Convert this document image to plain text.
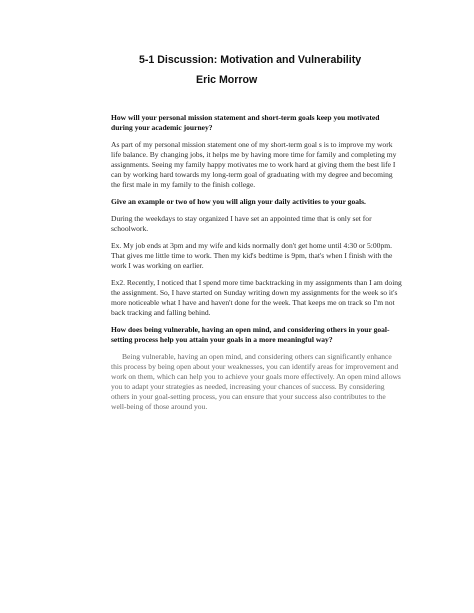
5-1 Discussion: Motivation and Vulnerability
Eric Morrow

How will your personal mission statement and short-term goals keep you motivated during your academic journey?

As part of my personal mission statement one of my short-term goal s is to improve my work life balance. By changing jobs, it helps me by having more time for family and completing my assignments. Seeing my family happy motivates me to work hard at giving them the best life I can by working hard towards my long-term goal of graduating with my degree and becoming the first male in my family to the finish college.

Give an example or two of how you will align your daily activities to your goals.

During the weekdays to stay organized I have set an appointed time that is only set for schoolwork.

Ex. My job ends at 3pm and my wife and kids normally don't get home until 4:30 or 5:00pm. That gives me little time to work. Then my kid's bedtime is 9pm, that's when I finish with the work I was working on earlier.

Ex2. Recently, I noticed that I spend more time backtracking in my assignments than I am doing the assignment. So, I have started on Sunday writing down my assignments for the week so it's more noticeable what I have and haven't done for the week. That keeps me on track so I'm not back tracking and falling behind.

How does being vulnerable, having an open mind, and considering others in your goal-setting process help you attain your goals in a more meaningful way?

Being vulnerable, having an open mind, and considering others can significantly enhance this process by being open about your weaknesses, you can identify areas for improvement and work on them, which can help you to achieve your goals more effectively. An open mind allows you to adapt your strategies as needed, increasing your chances of success. By considering others in your goal-setting process, you can ensure that your success also contributes to the well-being of those around you.
